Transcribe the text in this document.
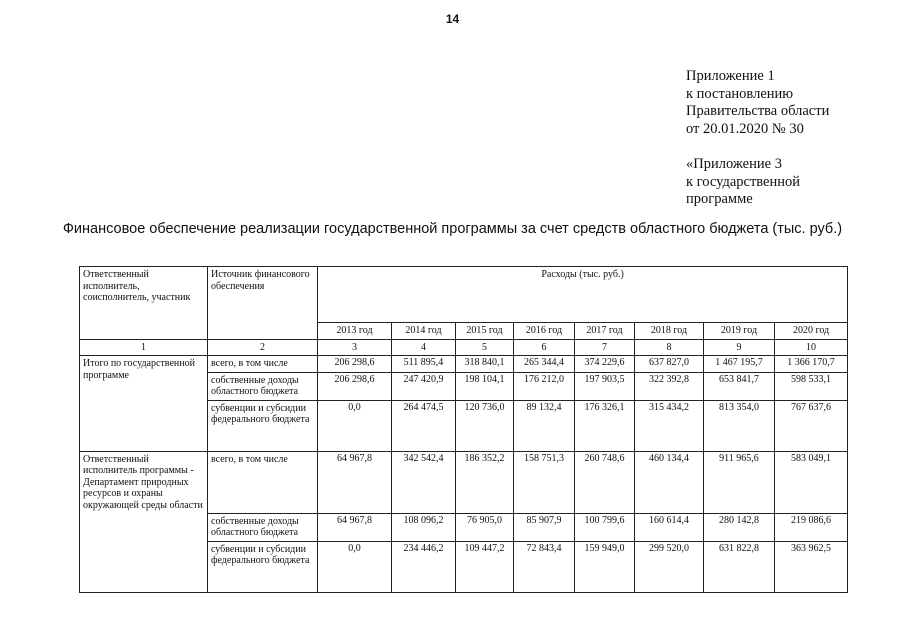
14
Приложение 1
к постановлению
Правительства области
от 20.01.2020 № 30
«Приложение 3
к государственной
программе
Финансовое обеспечение реализации государственной программы за счет средств областного бюджета (тыс. руб.)
Ответственный исполнитель, соисполнитель, участник	Источник финансового обеспечения	Расходы (тыс. руб.)							
		2013 год	2014 год	2015 год	2016 год	2017 год	2018 год	2019 год	2020 год
1	2	3	4	5	6	7	8	9	10
Итого по государственной программе	всего, в том числе	206 298,6	511 895,4	318 840,1	265 344,4	374 229,6	637 827,0	1 467 195,7	1 366 170,7
	собственные доходы областного бюджета	206 298,6	247 420,9	198 104,1	176 212,0	197 903,5	322 392,8	653 841,7	598 533,1
	субвенции и субсидии федерального бюджета	0,0	264 474,5	120 736,0	89 132,4	176 326,1	315 434,2	813 354,0	767 637,6
Ответственный исполнитель программы - Департамент природных ресурсов и охраны окружающей среды области	всего, в том числе	64 967,8	342 542,4	186 352,2	158 751,3	260 748,6	460 134,4	911 965,6	583 049,1
	собственные доходы областного бюджета	64 967,8	108 096,2	76 905,0	85 907,9	100 799,6	160 614,4	280 142,8	219 086,6
	субвенции и субсидии федерального бюджета	0,0	234 446,2	109 447,2	72 843,4	159 949,0	299 520,0	631 822,8	363 962,5
